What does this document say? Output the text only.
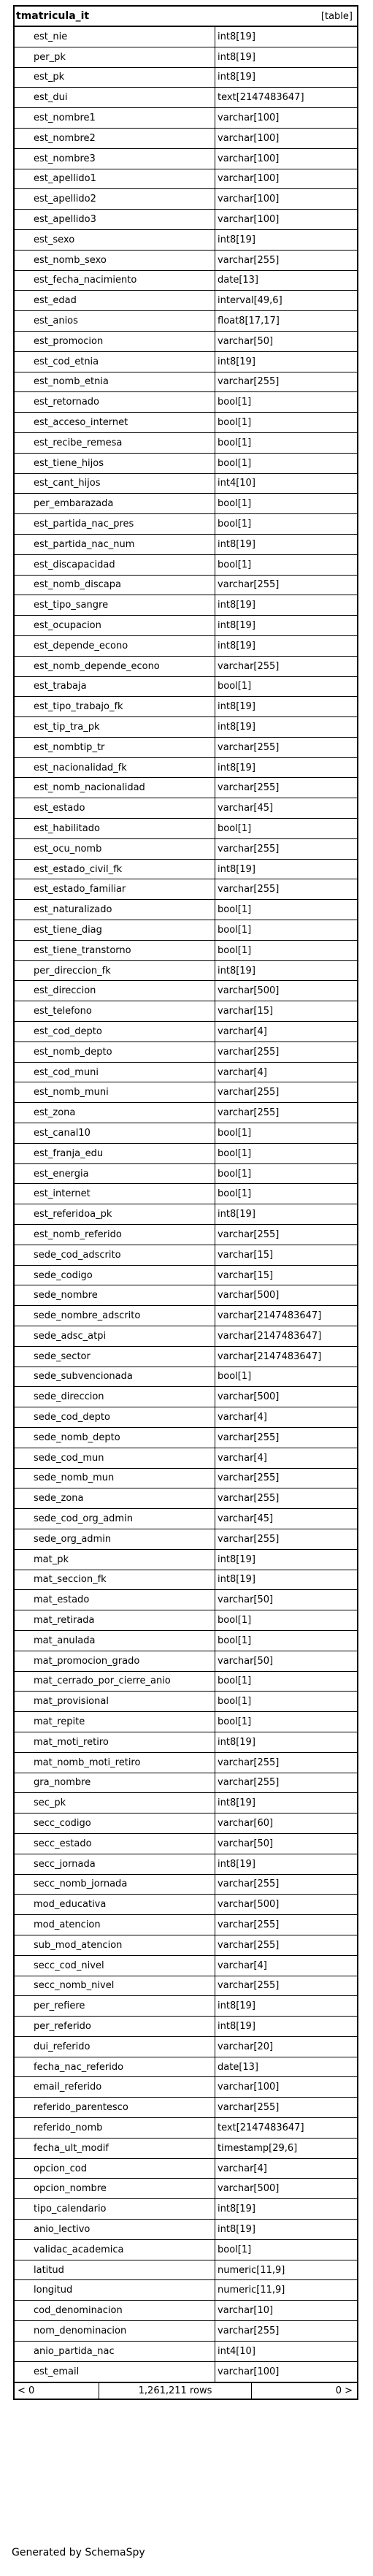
tmatricula_it	[table]
est_nie	int8[19]
per_pk	int8[19]
est_pk	int8[19]
est_dui	text[2147483647]
est_nombre1	varchar[100]
est_nombre2	varchar[100]
est_nombre3	varchar[100]
est_apellido1	varchar[100]
est_apellido2	varchar[100]
est_apellido3	varchar[100]
est_sexo	int8[19]
est_nomb_sexo	varchar[255]
est_fecha_nacimiento	date[13]
est_edad	interval[49,6]
est_anios	float8[17,17]
est_promocion	varchar[50]
est_cod_etnia	int8[19]
est_nomb_etnia	varchar[255]
est_retornado	bool[1]
est_acceso_internet	bool[1]
est_recibe_remesa	bool[1]
est_tiene_hijos	bool[1]
est_cant_hijos	int4[10]
per_embarazada	bool[1]
est_partida_nac_pres	bool[1]
est_partida_nac_num	int8[19]
est_discapacidad	bool[1]
est_nomb_discapa	varchar[255]
est_tipo_sangre	int8[19]
est_ocupacion	int8[19]
est_depende_econo	int8[19]
est_nomb_depende_econo	varchar[255]
est_trabaja	bool[1]
est_tipo_trabajo_fk	int8[19]
est_tip_tra_pk	int8[19]
est_nombtip_tr	varchar[255]
est_nacionalidad_fk	int8[19]
est_nomb_nacionalidad	varchar[255]
est_estado	varchar[45]
est_habilitado	bool[1]
est_ocu_nomb	varchar[255]
est_estado_civil_fk	int8[19]
est_estado_familiar	varchar[255]
est_naturalizado	bool[1]
est_tiene_diag	bool[1]
est_tiene_transtorno	bool[1]
per_direccion_fk	int8[19]
est_direccion	varchar[500]
est_telefono	varchar[15]
est_cod_depto	varchar[4]
est_nomb_depto	varchar[255]
est_cod_muni	varchar[4]
est_nomb_muni	varchar[255]
est_zona	varchar[255]
est_canal10	bool[1]
est_franja_edu	bool[1]
est_energia	bool[1]
est_internet	bool[1]
est_referidoa_pk	int8[19]
est_nomb_referido	varchar[255]
sede_cod_adscrito	varchar[15]
sede_codigo	varchar[15]
sede_nombre	varchar[500]
sede_nombre_adscrito	varchar[2147483647]
sede_adsc_atpi	varchar[2147483647]
sede_sector	varchar[2147483647]
sede_subvencionada	bool[1]
sede_direccion	varchar[500]
sede_cod_depto	varchar[4]
sede_nomb_depto	varchar[255]
sede_cod_mun	varchar[4]
sede_nomb_mun	varchar[255]
sede_zona	varchar[255]
sede_cod_org_admin	varchar[45]
sede_org_admin	varchar[255]
mat_pk	int8[19]
mat_seccion_fk	int8[19]
mat_estado	varchar[50]
mat_retirada	bool[1]
mat_anulada	bool[1]
mat_promocion_grado	varchar[50]
mat_cerrado_por_cierre_anio	bool[1]
mat_provisional	bool[1]
mat_repite	bool[1]
mat_moti_retiro	int8[19]
mat_nomb_moti_retiro	varchar[255]
gra_nombre	varchar[255]
sec_pk	int8[19]
secc_codigo	varchar[60]
secc_estado	varchar[50]
secc_jornada	int8[19]
secc_nomb_jornada	varchar[255]
mod_educativa	varchar[500]
mod_atencion	varchar[255]
sub_mod_atencion	varchar[255]
secc_cod_nivel	varchar[4]
secc_nomb_nivel	varchar[255]
per_refiere	int8[19]
per_referido	int8[19]
dui_referido	varchar[20]
fecha_nac_referido	date[13]
email_referido	varchar[100]
referido_parentesco	varchar[255]
referido_nomb	text[2147483647]
fecha_ult_modif	timestamp[29,6]
opcion_cod	varchar[4]
opcion_nombre	varchar[500]
tipo_calendario	int8[19]
anio_lectivo	int8[19]
validac_academica	bool[1]
latitud	numeric[11,9]
longitud	numeric[11,9]
cod_denominacion	varchar[10]
nom_denominacion	varchar[255]
anio_partida_nac	int4[10]
est_email	varchar[100]
< 0	1,261,211 rows	0 >
Generated by SchemaSpy
